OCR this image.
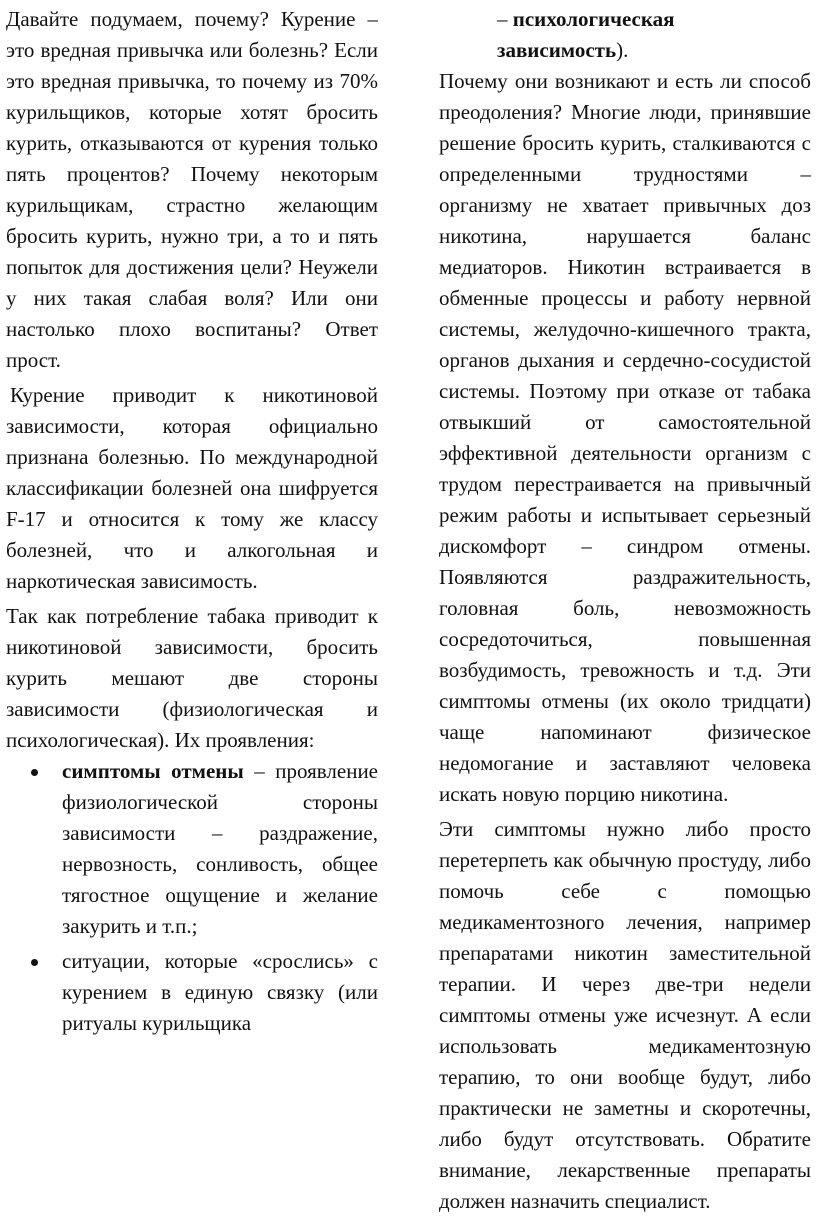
Давайте подумаем, почему? Курение – это вредная привычка или болезнь? Если это вредная привычка, то почему из 70% курильщиков, которые хотят бросить курить, отказываются от курения только пять процентов? Почему некоторым курильщикам, страстно желающим бросить курить, нужно три, а то и пять попыток для достижения цели? Неужели у них такая слабая воля? Или они настолько плохо воспитаны? Ответ прост.

Курение приводит к никотиновой зависимости, которая официально признана болезнью. По международной классификации болезней она шифруется F-17 и относится к тому же классу болезней, что и алкогольная и наркотическая зависимость.

Так как потребление табака приводит к никотиновой зависимости, бросить курить мешают две стороны зависимости (физиологическая и психологическая). Их проявления:

симптомы отмены – проявление физиологической стороны зависимости – раздражение, нервозность, сонливость, общее тягостное ощущение и желание закурить и т.п.;
ситуации, которые «срослись» с курением в единую связку (или ритуалы курильщика

– психологическая зависимость).

Почему они возникают и есть ли способ преодоления? Многие люди, принявшие решение бросить курить, сталкиваются с определенными трудностями – организму не хватает привычных доз никотина, нарушается баланс медиаторов. Никотин встраивается в обменные процессы и работу нервной системы, желудочно-кишечного тракта, органов дыхания и сердечно-сосудистой системы. Поэтому при отказе от табака отвыкший от самостоятельной эффективной деятельности организм с трудом перестраивается на привычный режим работы и испытывает серьезный дискомфорт – синдром отмены. Появляются раздражительность, головная боль, невозможность сосредоточиться, повышенная возбудимость, тревожность и т.д. Эти симптомы отмены (их около тридцати) чаще напоминают физическое недомогание и заставляют человека искать новую порцию никотина.

Эти симптомы нужно либо просто перетерпеть как обычную простуду, либо помочь себе с помощью медикаментозного лечения, например препаратами никотин заместительной терапии. И через две-три недели симптомы отмены уже исчезнут. А если использовать медикаментозную терапию, то они вообще будут, либо практически не заметны и скоротечны, либо будут отсутствовать. Обратите внимание, лекарственные препараты должен назначить специалист.
